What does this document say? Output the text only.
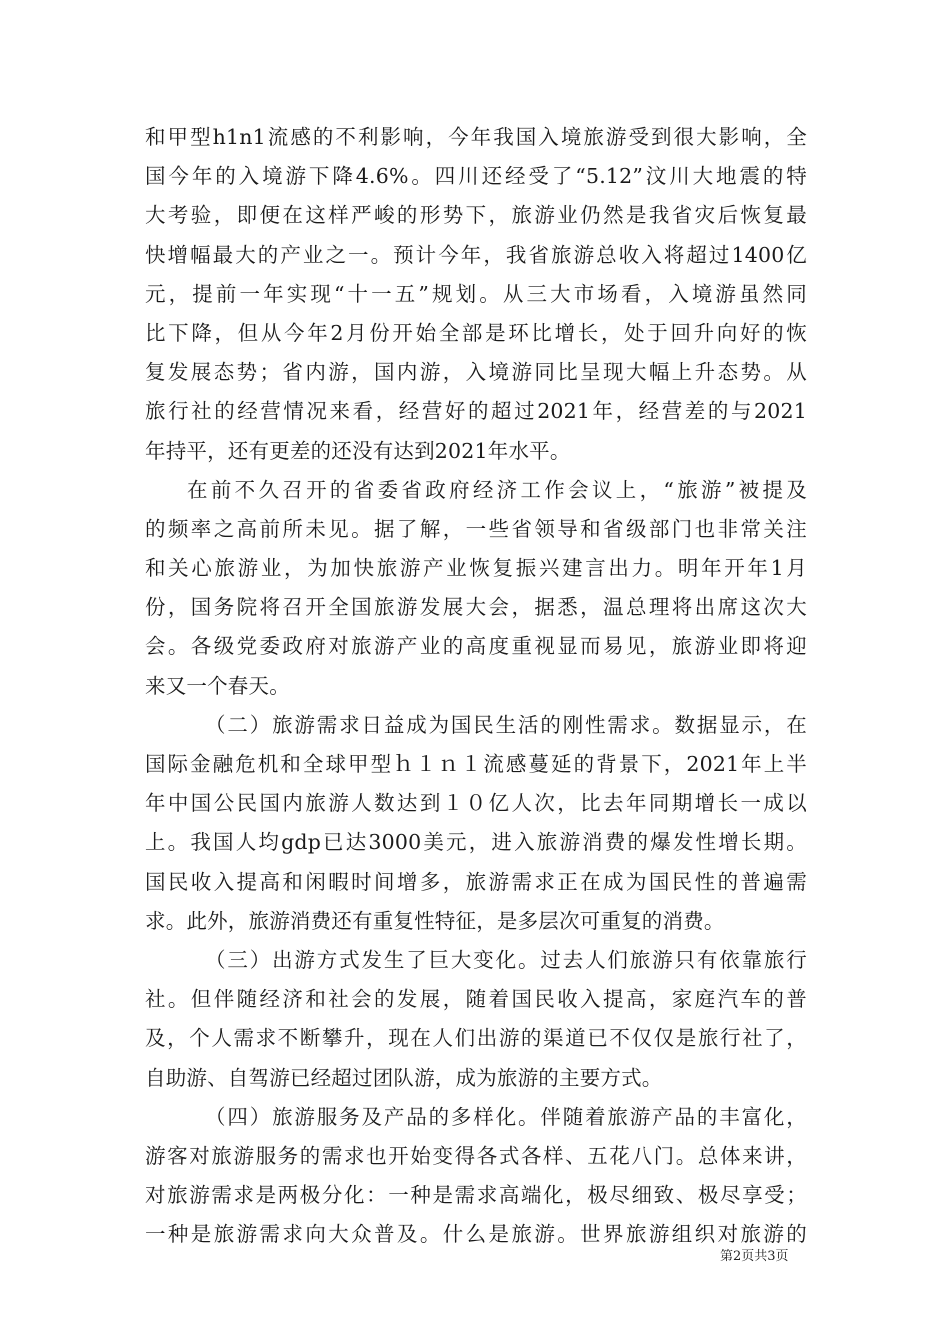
和甲型h1n1流感的不利影响，今年我国入境旅游受到很大影响，全
国今年的入境游下降4.6%。四川还经受了“5.12”汶川大地震的特
大考验，即便在这样严峻的形势下，旅游业仍然是我省灾后恢复最
快增幅最大的产业之一。预计今年，我省旅游总收入将超过1400亿
元，提前一年实现“十一五”规划。从三大市场看，入境游虽然同
比下降，但从今年2月份开始全部是环比增长，处于回升向好的恢
复发展态势；省内游，国内游，入境游同比呈现大幅上升态势。从
旅行社的经营情况来看，经营好的超过2021年，经营差的与2021
年持平，还有更差的还没有达到2021年水平。
在前不久召开的省委省政府经济工作会议上，“旅游”被提及
的频率之高前所未见。据了解，一些省领导和省级部门也非常关注
和关心旅游业，为加快旅游产业恢复振兴建言出力。明年开年1月
份，国务院将召开全国旅游发展大会，据悉，温总理将出席这次大
会。各级党委政府对旅游产业的高度重视显而易见，旅游业即将迎
来又一个春天。
（二）旅游需求日益成为国民生活的刚性需求。数据显示，在
国际金融危机和全球甲型ｈ１ｎ１流感蔓延的背景下，2021年上半
年中国公民国内旅游人数达到１０亿人次，比去年同期增长一成以
上。我国人均gdp已达3000美元，进入旅游消费的爆发性增长期。
国民收入提高和闲暇时间增多，旅游需求正在成为国民性的普遍需
求。此外，旅游消费还有重复性特征，是多层次可重复的消费。
（三）出游方式发生了巨大变化。过去人们旅游只有依靠旅行
社。但伴随经济和社会的发展，随着国民收入提高，家庭汽车的普
及，个人需求不断攀升，现在人们出游的渠道已不仅仅是旅行社了，
自助游、自驾游已经超过团队游，成为旅游的主要方式。
（四）旅游服务及产品的多样化。伴随着旅游产品的丰富化，
游客对旅游服务的需求也开始变得各式各样、五花八门。总体来讲，
对旅游需求是两极分化：一种是需求高端化，极尽细致、极尽享受；
一种是旅游需求向大众普及。什么是旅游。世界旅游组织对旅游的
第2页共3页
